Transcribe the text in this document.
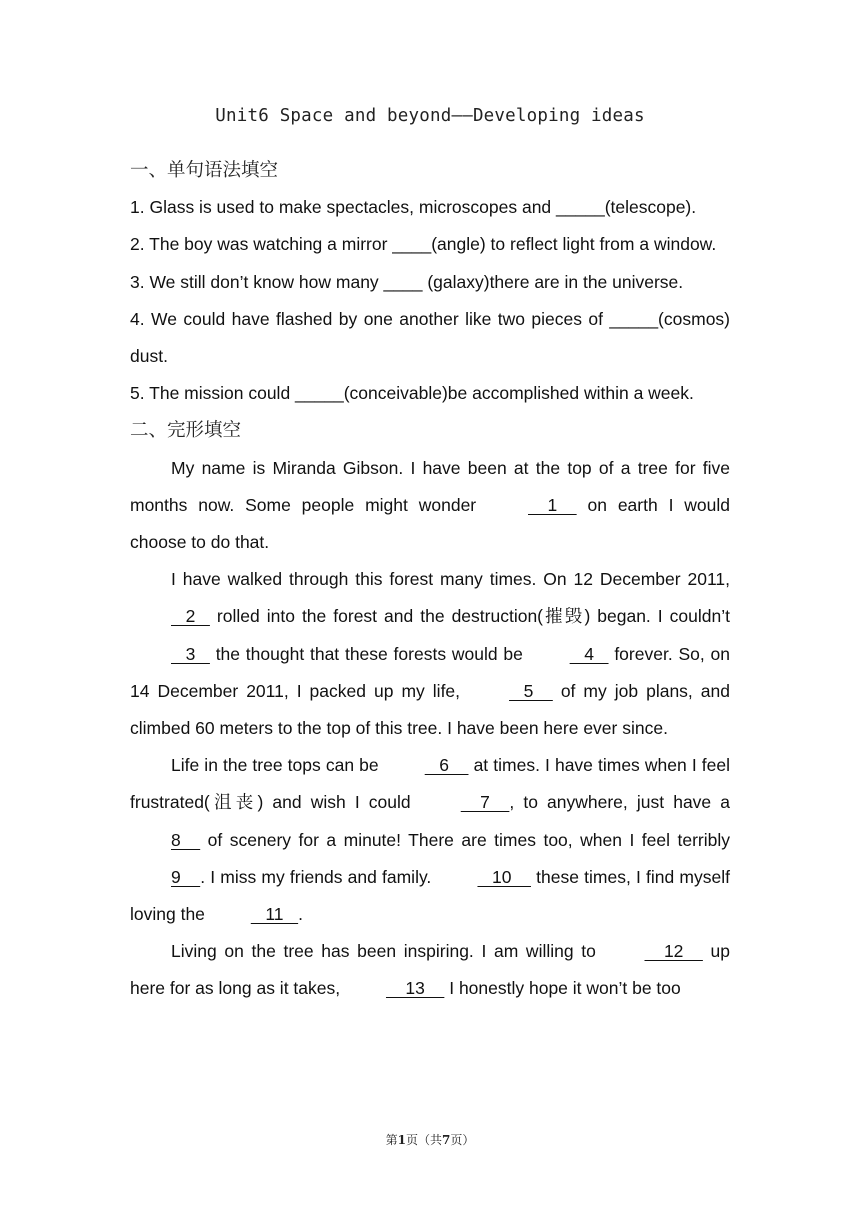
Unit6 Space and beyond——Developing ideas
一、单句语法填空

1. Glass is used to make spectacles, microscopes and _____(telescope).

2. The boy was watching a mirror ____(angle) to reflect light from a window.

3. We still don’t know how many ____ (galaxy)there are in the universe.

4. We could have flashed by one another like two pieces of _____(cosmos) dust.

5. The mission could _____(conceivable)be accomplished within a week.

二、完形填空

My name is Miranda Gibson. I have been at the top of a tree for five months now. Some people might wonder     1     on earth I would choose to do that.

I have walked through this forest many times. On 12 December 2011,    2    rolled into the forest and the destruction(摧毁) began. I couldn’t    3    the thought that these forests would be    4    forever. So, on 14 December 2011, I packed up my life,    5     of my job plans, and climbed 60 meters to the top of this tree. I have been here ever since.

Life in the tree tops can be    6     at times. I have times when I feel frustrated(沮丧) and wish I could     7    , to anywhere, just have a 8     of scenery for a minute! There are times too, when I feel terribly 9    . I miss my friends and family.    10     these times, I find myself loving the    11   .

Living on the tree has been inspiring. I am willing to     12     up here for as long as it takes,     13     I honestly hope it won’t be too

第1页（共7页）
